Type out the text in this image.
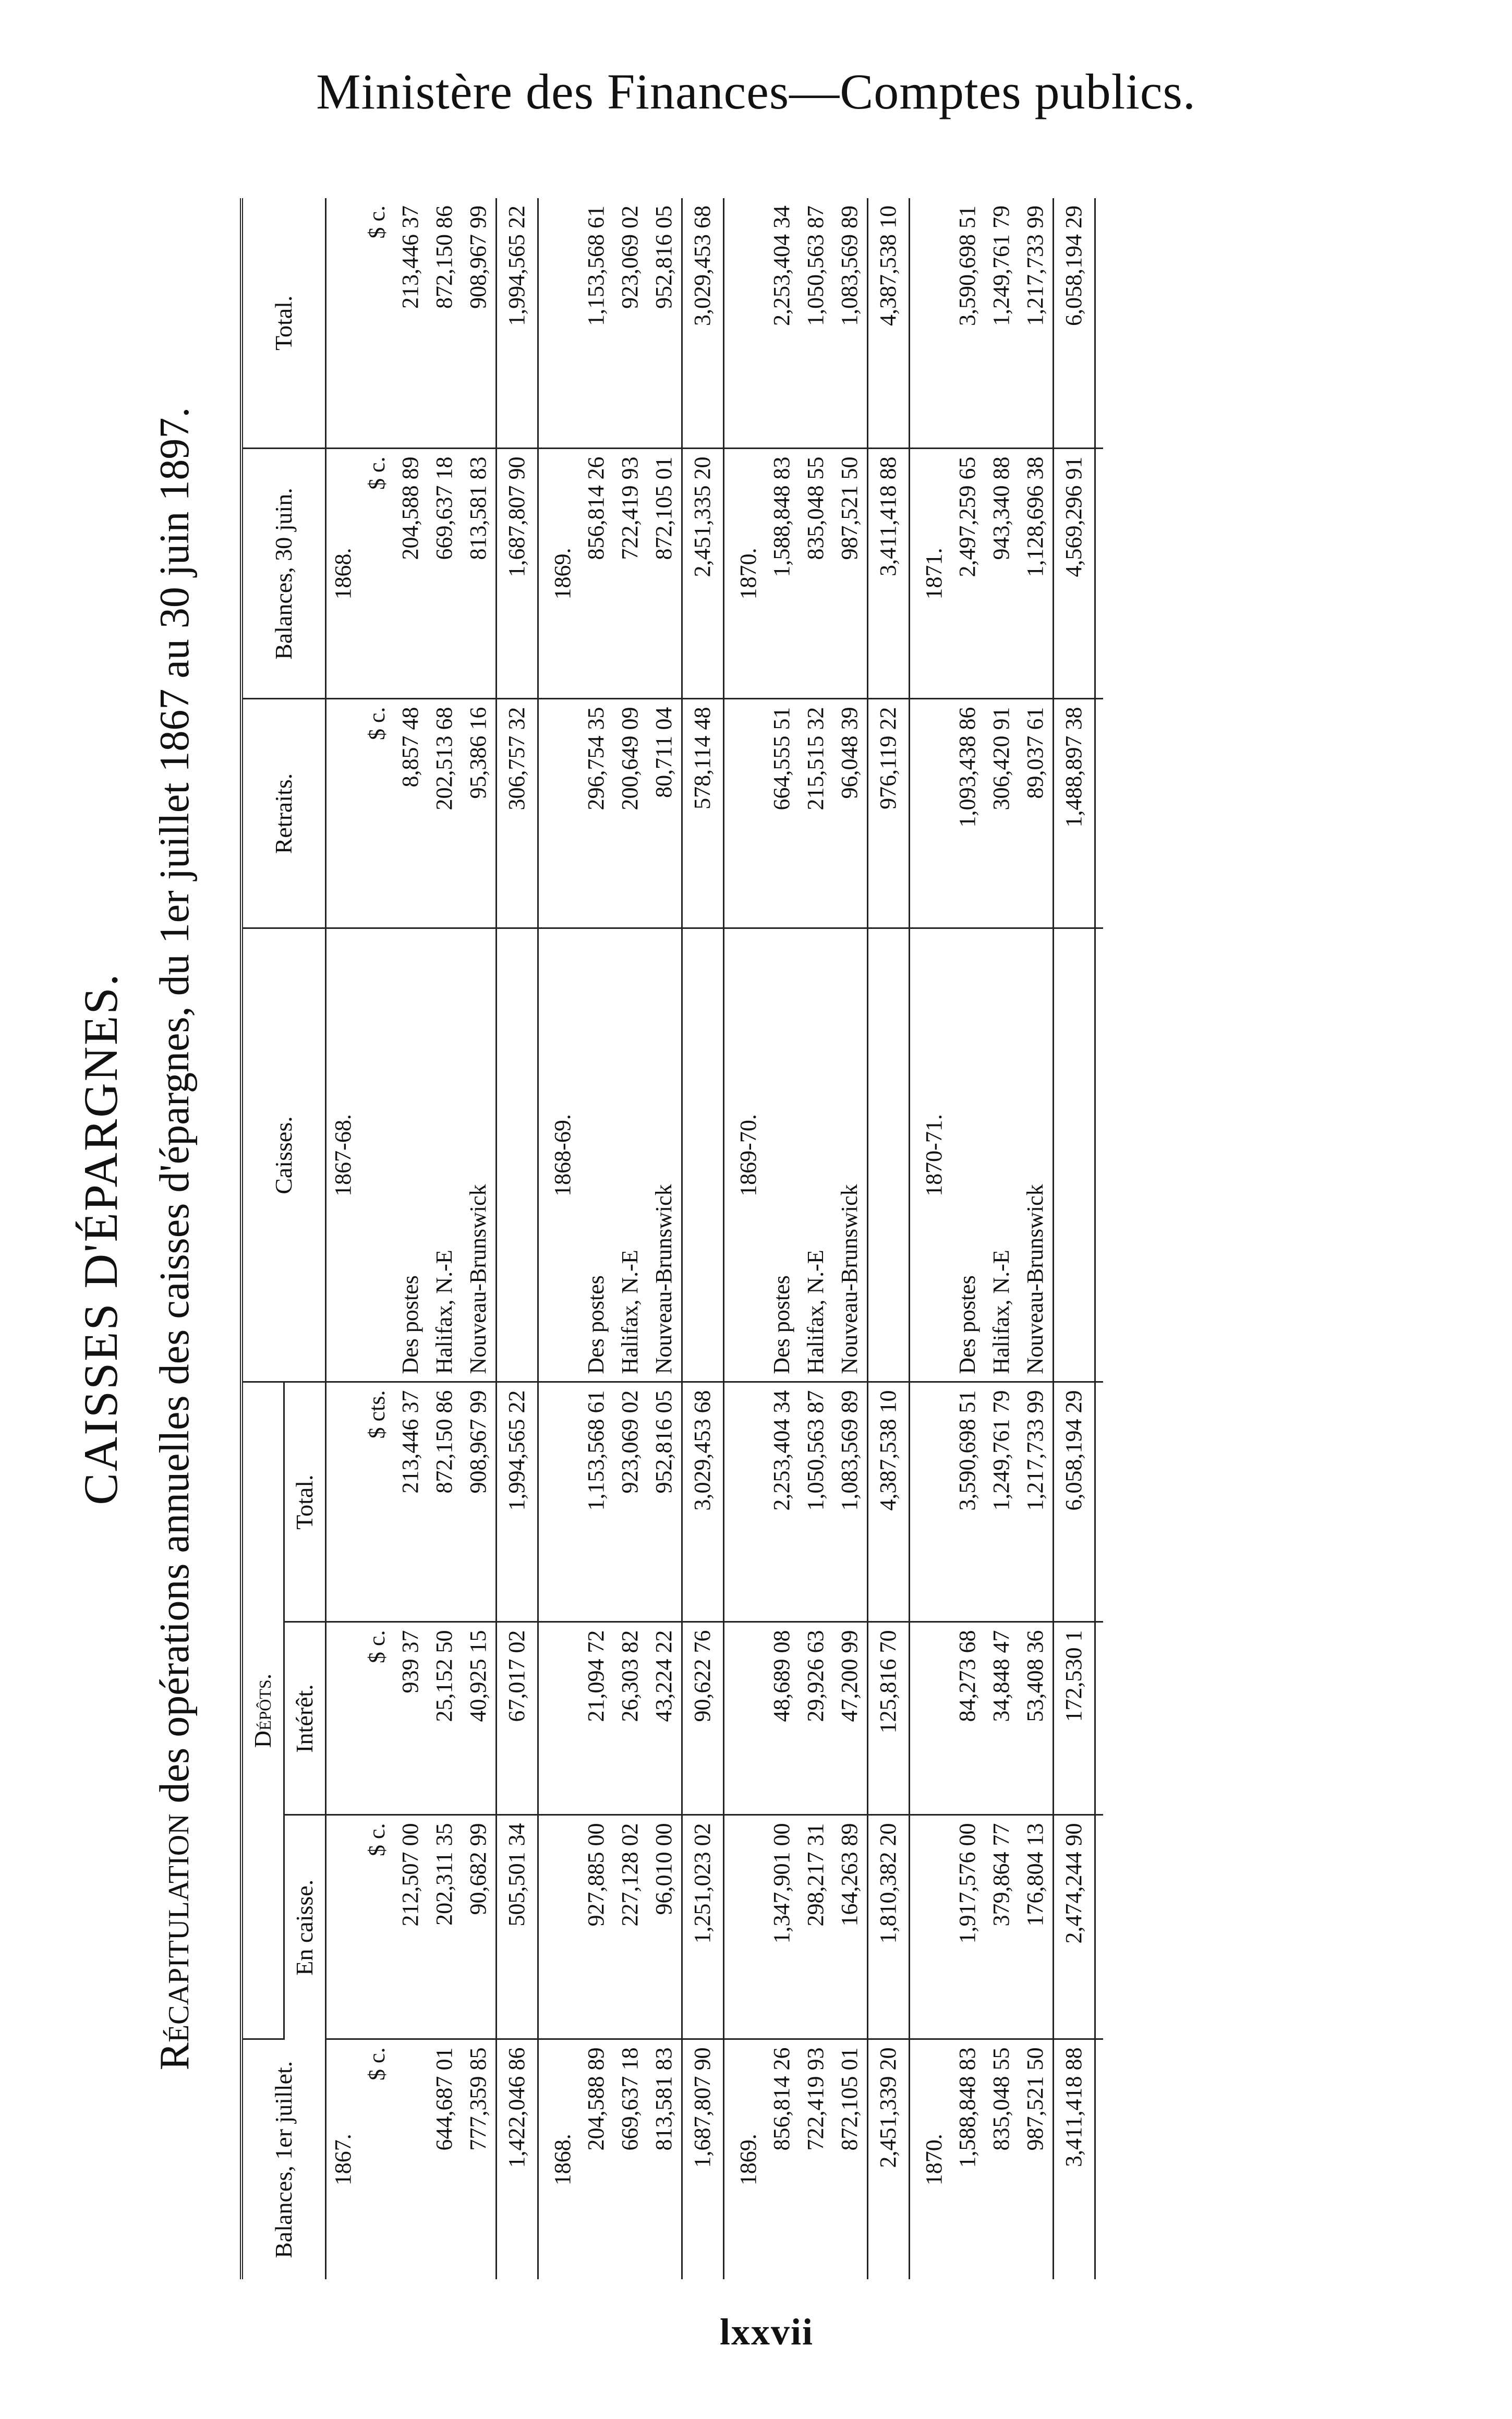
Ministère des Finances—Comptes publics.
CAISSES D'ÉPARGNES.
Récapitulation des opérations annuelles des caisses d'épargnes, du 1er juillet 1867 au 30 juin 1897.
Balances, 1er juillet.	Dépôts.			Caisses.	Retraits.	Balances, 30 juin.	Total.
	En caisse.	Intérêt.	Total.				
1867.				1867-68.		1868.	
$ c.	$ c.	$ c.	$ cts.		$ c.	$ c.	$ c.
	212,507 00	939 37	213,446 37	Des postes	8,857 48	204,588 89	213,446 37
644,687 01	202,311 35	25,152 50	872,150 86	Halifax, N.-E	202,513 68	669,637 18	872,150 86
777,359 85	90,682 99	40,925 15	908,967 99	Nouveau-Brunswick	95,386 16	813,581 83	908,967 99
1,422,046 86	505,501 34	67,017 02	1,994,565 22		306,757 32	1,687,807 90	1,994,565 22

1868.				1868-69.		1869.	
204,588 89	927,885 00	21,094 72	1,153,568 61	Des postes	296,754 35	856,814 26	1,153,568 61
669,637 18	227,128 02	26,303 82	923,069 02	Halifax, N.-E	200,649 09	722,419 93	923,069 02
813,581 83	96,010 00	43,224 22	952,816 05	Nouveau-Brunswick	80,711 04	872,105 01	952,816 05
1,687,807 90	1,251,023 02	90,622 76	3,029,453 68		578,114 48	2,451,335 20	3,029,453 68

1869.				1869-70.		1870.	
856,814 26	1,347,901 00	48,689 08	2,253,404 34	Des postes	664,555 51	1,588,848 83	2,253,404 34
722,419 93	298,217 31	29,926 63	1,050,563 87	Halifax, N.-E	215,515 32	835,048 55	1,050,563 87
872,105 01	164,263 89	47,200 99	1,083,569 89	Nouveau-Brunswick	96,048 39	987,521 50	1,083,569 89
2,451,339 20	1,810,382 20	125,816 70	4,387,538 10		976,119 22	3,411,418 88	4,387,538 10

1870.				1870-71.		1871.	
1,588,848 83	1,917,576 00	84,273 68	3,590,698 51	Des postes	1,093,438 86	2,497,259 65	3,590,698 51
835,048 55	379,864 77	34,848 47	1,249,761 79	Halifax, N.-E	306,420 91	943,340 88	1,249,761 79
987,521 50	176,804 13	53,408 36	1,217,733 99	Nouveau-Brunswick	89,037 61	1,128,696 38	1,217,733 99
3,411,418 88	2,474,244 90	172,530 1	6,058,194 29		1,488,897 38	4,569,296 91	6,058,194 29

lxxvii
